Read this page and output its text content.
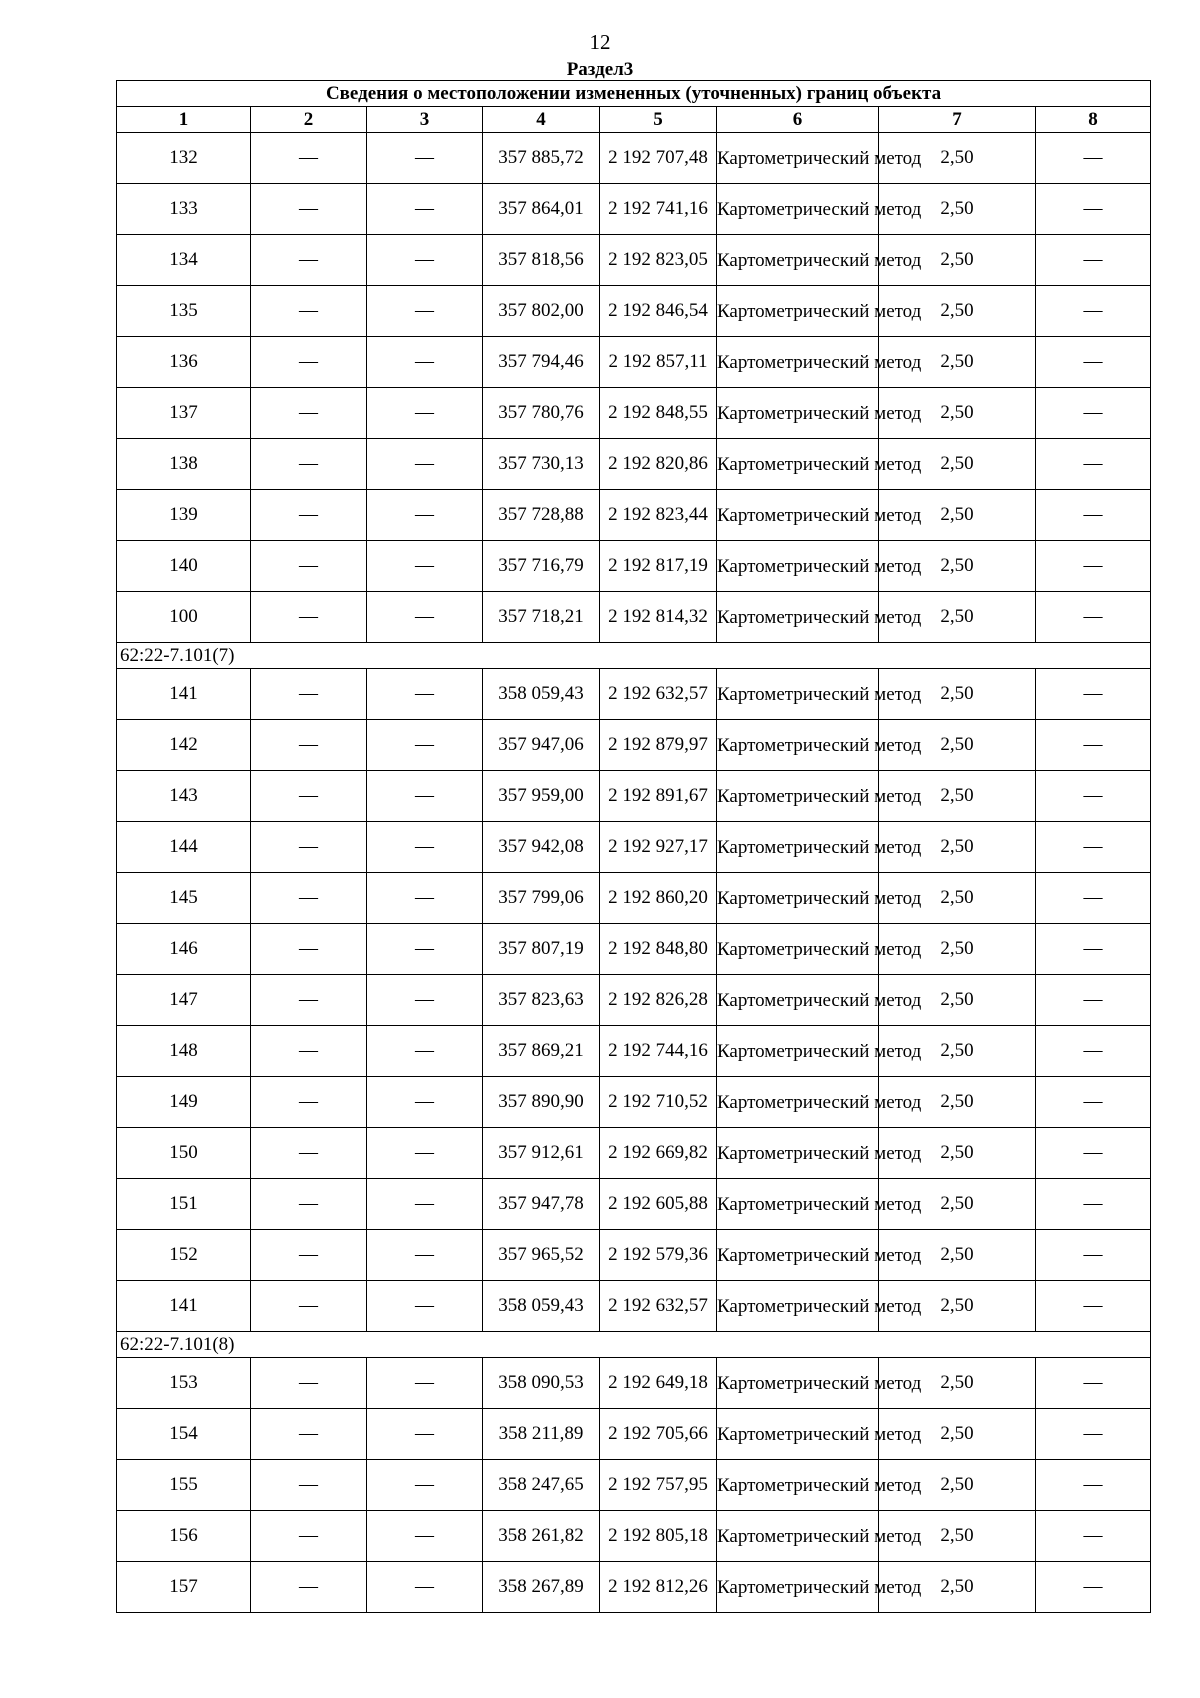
12
Раздел3
Сведения о местоположении измененных (уточненных) границ объекта							
1	2	3	4	5	6	7	8
132	—	—	357 885,72	2 192 707,48	Картометрический метод	2,50	—
133	—	—	357 864,01	2 192 741,16	Картометрический метод	2,50	—
134	—	—	357 818,56	2 192 823,05	Картометрический метод	2,50	—
135	—	—	357 802,00	2 192 846,54	Картометрический метод	2,50	—
136	—	—	357 794,46	2 192 857,11	Картометрический метод	2,50	—
137	—	—	357 780,76	2 192 848,55	Картометрический метод	2,50	—
138	—	—	357 730,13	2 192 820,86	Картометрический метод	2,50	—
139	—	—	357 728,88	2 192 823,44	Картометрический метод	2,50	—
140	—	—	357 716,79	2 192 817,19	Картометрический метод	2,50	—
100	—	—	357 718,21	2 192 814,32	Картометрический метод	2,50	—
62:22-7.101(7)							
141	—	—	358 059,43	2 192 632,57	Картометрический метод	2,50	—
142	—	—	357 947,06	2 192 879,97	Картометрический метод	2,50	—
143	—	—	357 959,00	2 192 891,67	Картометрический метод	2,50	—
144	—	—	357 942,08	2 192 927,17	Картометрический метод	2,50	—
145	—	—	357 799,06	2 192 860,20	Картометрический метод	2,50	—
146	—	—	357 807,19	2 192 848,80	Картометрический метод	2,50	—
147	—	—	357 823,63	2 192 826,28	Картометрический метод	2,50	—
148	—	—	357 869,21	2 192 744,16	Картометрический метод	2,50	—
149	—	—	357 890,90	2 192 710,52	Картометрический метод	2,50	—
150	—	—	357 912,61	2 192 669,82	Картометрический метод	2,50	—
151	—	—	357 947,78	2 192 605,88	Картометрический метод	2,50	—
152	—	—	357 965,52	2 192 579,36	Картометрический метод	2,50	—
141	—	—	358 059,43	2 192 632,57	Картометрический метод	2,50	—
62:22-7.101(8)							
153	—	—	358 090,53	2 192 649,18	Картометрический метод	2,50	—
154	—	—	358 211,89	2 192 705,66	Картометрический метод	2,50	—
155	—	—	358 247,65	2 192 757,95	Картометрический метод	2,50	—
156	—	—	358 261,82	2 192 805,18	Картометрический метод	2,50	—
157	—	—	358 267,89	2 192 812,26	Картометрический метод	2,50	—
